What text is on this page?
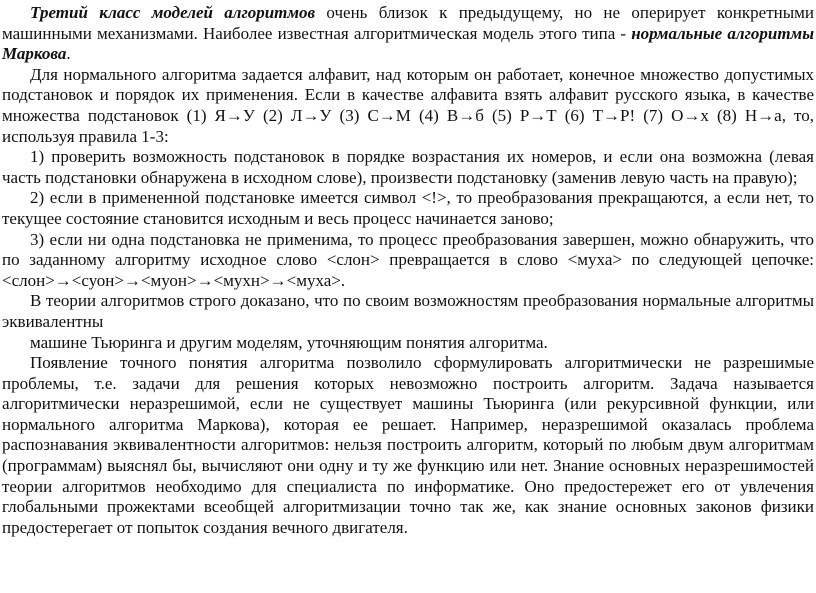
Третий класс моделей алгоритмов очень близок к предыдущему, но не оперирует конкретными машинными механизмами. Наиболее известная алгоритмическая модель этого типа - нормальные алгоритмы Маркова.

Для нормального алгоритма задается алфавит, над которым он работает, конечное множество допустимых подстановок и порядок их применения. Если в качестве алфавита взять алфавит русского языка, в качестве множества подстановок (1) Я→У (2) Л→У (3) С→М (4) В→б (5) Р→Т (6) Т→Р! (7) О→х (8) Н→а, то, используя правила 1-3:

1) проверить возможность подстановок в порядке возрастания их номеров, и если она возможна (левая часть подстановки обнаружена в исходном слове), произвести подстановку (заменив левую часть на правую);

2) если в примененной подстановке имеется символ <!>, то преобразования прекращаются, а если нет, то текущее состояние становится исходным и весь процесс начинается заново;

3) если ни одна подстановка не применима, то процесс преобразования завершен, можно обнаружить, что по заданному алгоритму исходное слово <слон> превращается в слово <муха> по следующей цепочке: <слон>→<суон>→<муон>→<мухн>→<муха>.

В теории алгоритмов строго доказано, что по своим возможностям преобразования нормальные алгоритмы эквивалентны

машине Тьюринга и другим моделям, уточняющим понятия алгоритма.

Появление точного понятия алгоритма позволило сформулировать алгоритмически не разрешимые проблемы, т.е. задачи для решения которых невозможно построить алгоритм. Задача называется алгоритмически неразрешимой, если не существует машины Тьюринга (или рекурсивной функции, или нормального алгоритма Маркова), которая ее решает. Например, неразрешимой оказалась проблема распознавания эквивалентности алгоритмов: нельзя построить алгоритм, который по любым двум алгоритмам (программам) выяснял бы, вычисляют они одну и ту же функцию или нет. Знание основных неразрешимостей теории алгоритмов необходимо для специалиста по информатике. Оно предостережет его от увлечения глобальными прожектами всеобщей алгоритмизации точно так же, как знание основных законов физики предостерегает от попыток создания вечного двигателя.
